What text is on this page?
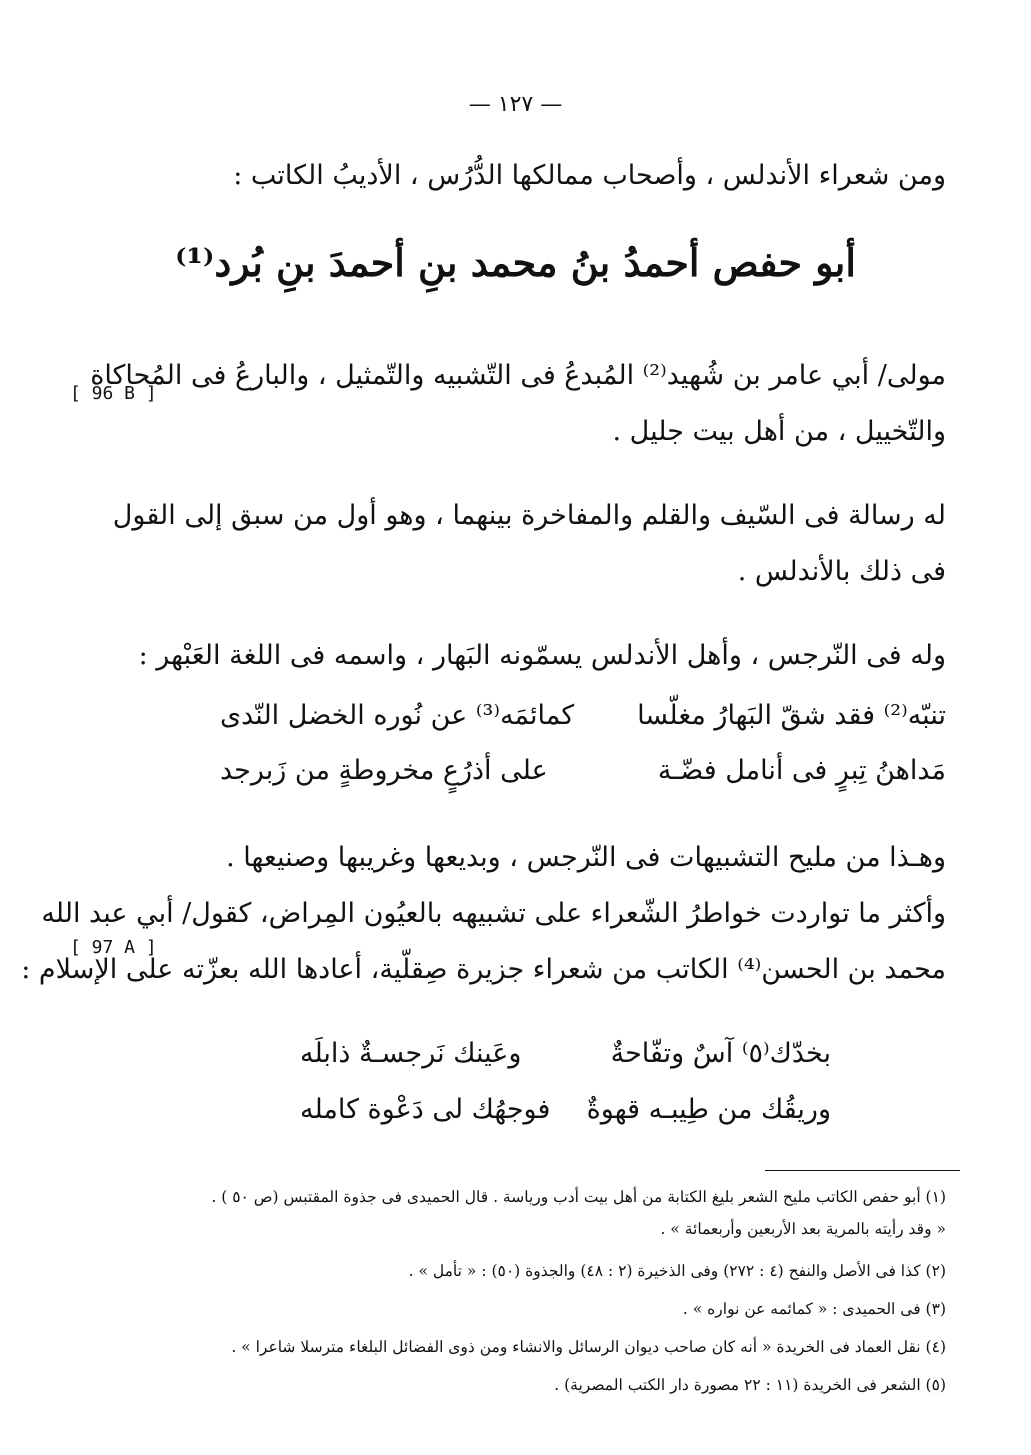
— ١٢٧ —
ومن شعراء الأندلس ، وأصحاب ممالكها الدُّرُس ، الأديبُ الكاتب :
أبو حفص أحمدُ بنُ محمد بنِ أحمدَ بنِ بُرد⁽¹⁾
مولى/ أبي عامر بن شُهيد⁽²⁾ المُبدعُ فى التّشبيه والتّمثيل ، والبارعُ فى المُحاكاة
والتّخييل ، من أهل بيت جليل .
[ 96 B ]
له رسالة فى السّيف والقلم والمفاخرة بينهما ، وهو أول من سبق إلى القول
فى ذلك بالأندلس .
وله فى النّرجس ، وأهل الأندلس يسمّونه البَهار ، واسمه فى اللغة العَبْهر :
تنبّه⁽²⁾ فقد شقّ البَهارُ مغلّسا
كمائمَه⁽³⁾ عن نُوره الخضل النّدى
مَداهنُ تِبرٍ فى أنامل فضّـة
على أذرُعٍ مخروطةٍ من زَبرجد
وهـذا من مليح التشبيهات فى النّرجس ، وبديعها وغريبها وصنيعها .
وأكثر ما تواردت خواطرُ الشّعراء على تشبيهه بالعيُون المِراض، كقول/ أبي عبد الله
محمد بن الحسن⁽⁴⁾ الكاتب من شعراء جزيرة صِقلّية، أعادها الله بعزّته على الإسلام :
[ 97 A ]
بخدّك⁽٥⁾ آسٌ وتفّاحةٌ
وعَينك نَرجسـةٌ ذابلَه
وريقُك من طِيبـه قهوةٌ
فوجهُك لى دَعْوة كامله
(١) أبو حفص الكاتب مليح الشعر بليغ الكتابة من أهل بيت أدب ورياسة . قال الحميدى فى جذوة المقتبس (ص ٥٠ ) .
« وقد رأيته بالمرية بعد الأربعين وأربعمائة » .
(٢) كذا فى الأصل والنفح (٤ : ٢٧٢) وفى الذخيرة (٢ : ٤٨) والجذوة (٥٠) : « تأمل » .
(٣) فى الحميدى : « كمائمه عن نواره » .
(٤) نقل العماد فى الخريدة « أنه كان صاحب ديوان الرسائل والانشاء ومن ذوى الفضائل البلغاء مترسلا شاعرا » .
(٥) الشعر فى الخريدة (١١ : ٢٢ مصورة دار الكتب المصرية) .
